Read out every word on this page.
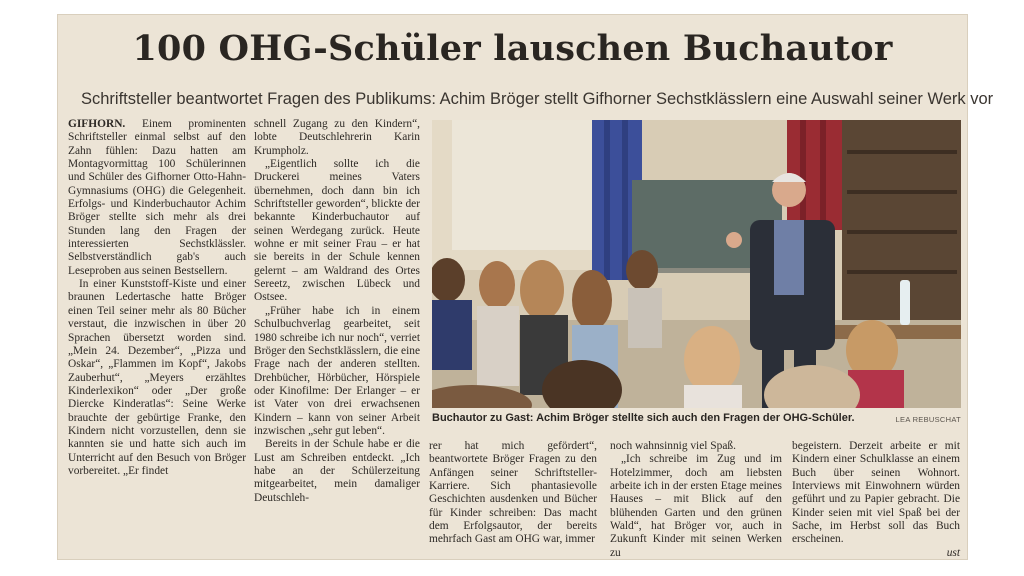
100 OHG-Schüler lauschen Buchautor
Schriftsteller beantwortet Fragen des Publikums: Achim Bröger stellt Gifhorner Sechstklässlern eine Auswahl seiner Werk vor

GIFHORN. Einem prominenten Schriftsteller einmal selbst auf den Zahn fühlen: Dazu hatten am Montagvormittag 100 Schülerinnen und Schüler des Gifhorner Otto-Hahn-Gymnasiums (OHG) die Gelegenheit. Erfolgs- und Kinderbuchautor Achim Bröger stellte sich mehr als drei Stunden lang den Fragen der interessierten Sechstklässler. Selbstverständlich gab's auch Leseproben aus seinen Bestsellern.

In einer Kunststoff-Kiste und einer braunen Ledertasche hatte Bröger einen Teil seiner mehr als 80 Bücher verstaut, die inzwischen in über 20 Sprachen übersetzt worden sind. „Mein 24. Dezember“, „Pizza und Oskar“, „Flammen im Kopf“, Jakobs Zauberhut“, „Meyers erzähltes Kinderlexikon“ oder „Der große Diercke Kinderatlas“: Seine Werke brauchte der gebürtige Franke, den Kindern nicht vorzustellen, denn sie kannten sie und hatte sich auch im Unterricht auf den Besuch von Bröger vorbereitet. „Er findet

schnell Zugang zu den Kindern“, lobte Deutschlehrerin Karin Krumpholz.

„Eigentlich sollte ich die Druckerei meines Vaters übernehmen, doch dann bin ich Schriftsteller geworden“, blickte der bekannte Kinderbuchautor auf seinen Werdegang zurück. Heute wohne er mit seiner Frau – er hat sie bereits in der Schule kennen gelernt – am Waldrand des Ortes Sereetz, zwischen Lübeck und Ostsee.

„Früher habe ich in einem Schulbuchverlag gearbeitet, seit 1980 schreibe ich nur noch“, verriet Bröger den Sechstklässlern, die eine Frage nach der anderen stellten. Drehbücher, Hörbücher, Hörspiele oder Kinofilme: Der Erlanger – er ist Vater von drei erwachsenen Kindern – kann von seiner Arbeit inzwischen „sehr gut leben“.

Bereits in der Schule habe er die Lust am Schreiben entdeckt. „Ich habe an der Schülerzeitung mitgearbeitet, mein damaliger Deutschleh-

Buchautor zu Gast: Achim Bröger stellte sich auch den Fragen der OHG-Schüler.	LEA REBUSCHAT

rer hat mich gefördert“, beantwortete Bröger Fragen zu den Anfängen seiner Schriftsteller-Karriere. Sich phantasievolle Geschichten ausdenken und Bücher für Kinder schreiben: Das macht dem Erfolgsautor, der bereits mehrfach Gast am OHG war, immer

noch wahnsinnig viel Spaß.

„Ich schreibe im Zug und im Hotelzimmer, doch am liebsten arbeite ich in der ersten Etage meines Hauses – mit Blick auf den blühenden Garten und den grünen Wald“, hat Bröger vor, auch in Zukunft Kinder mit seinen Werken zu

begeistern. Derzeit arbeite er mit Kindern einer Schulklasse an einem Buch über seinen Wohnort. Interviews mit Einwohnern würden geführt und zu Papier gebracht. Die Kinder seien mit viel Spaß bei der Sache, im Herbst soll das Buch erscheinen.

ust
